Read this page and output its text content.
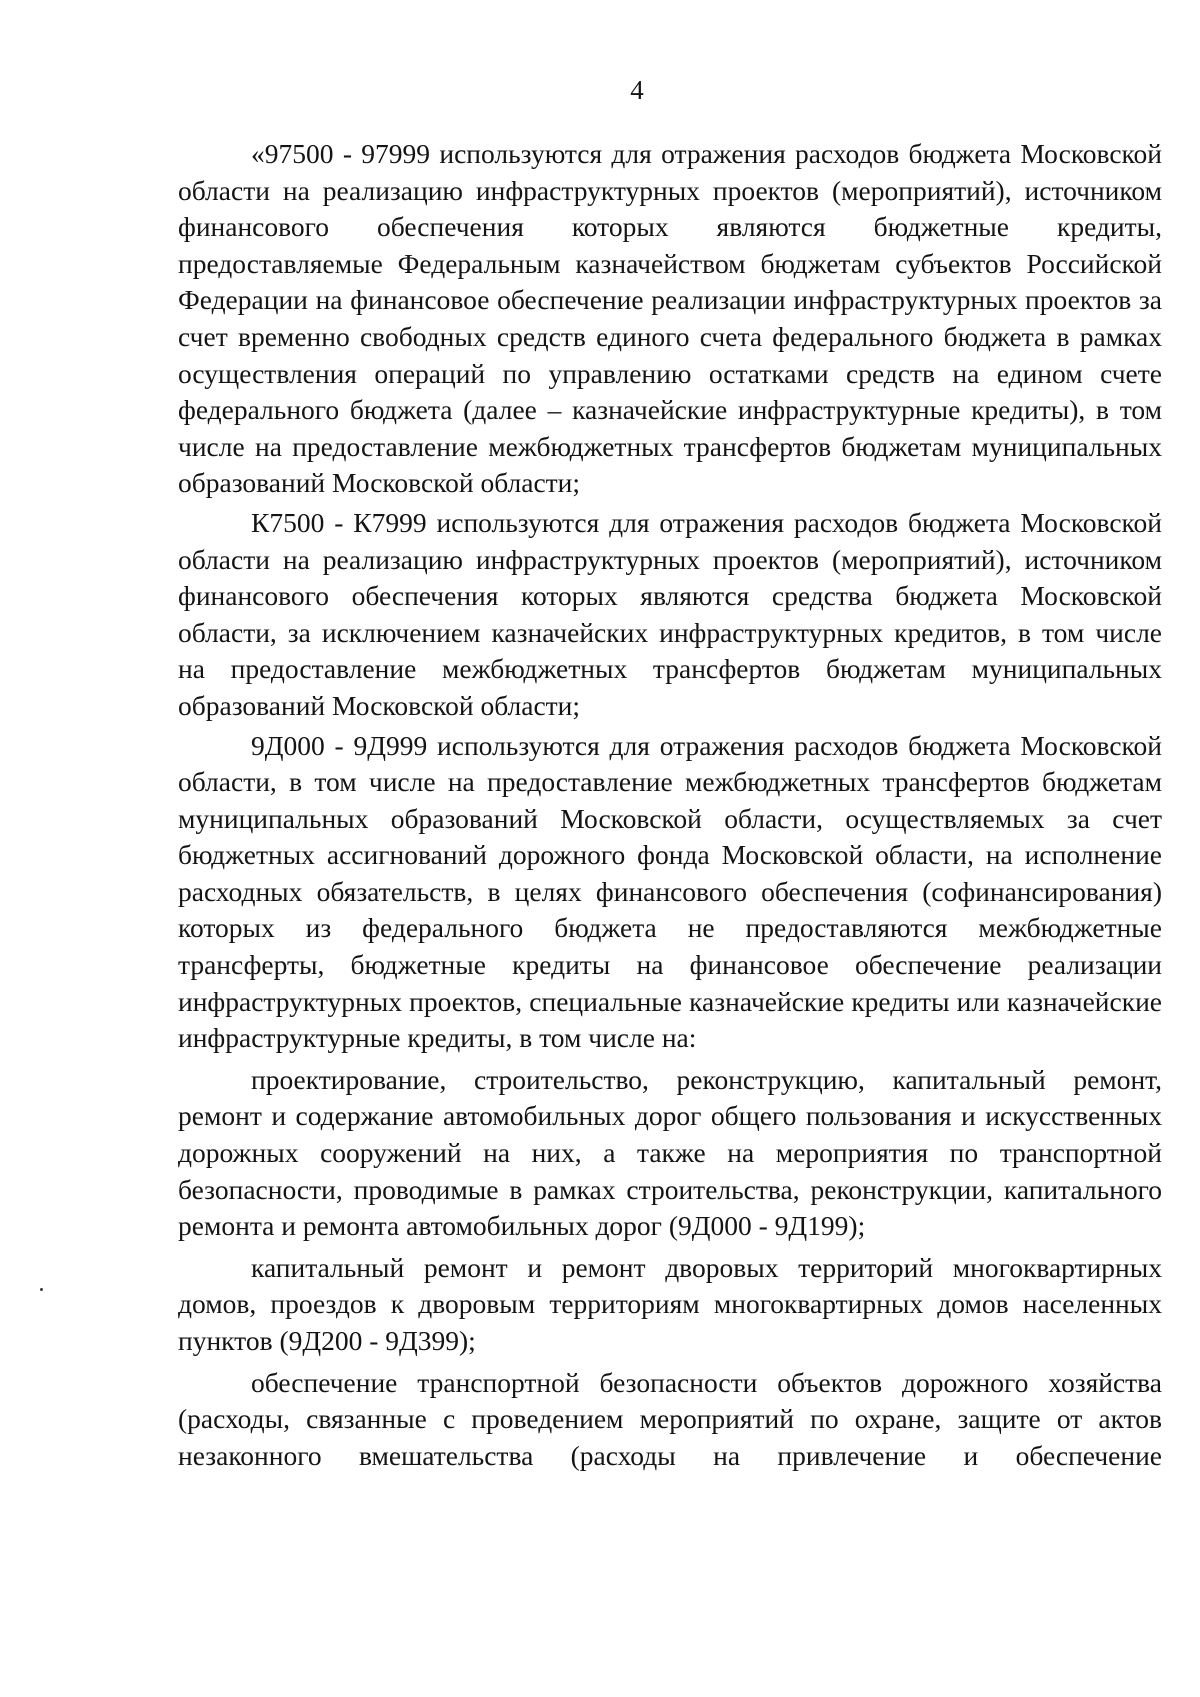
4

«97500 - 97999 используются для отражения расходов бюджета Московской области на реализацию инфраструктурных проектов (мероприятий), источником финансового обеспечения которых являются бюджетные кредиты, предоставляемые Федеральным казначейством бюджетам субъектов Российской Федерации на финансовое обеспечение реализации инфраструктурных проектов за счет временно свободных средств единого счета федерального бюджета в рамках осуществления операций по управлению остатками средств на едином счете федерального бюджета (далее – казначейские инфраструктурные кредиты), в том числе на предоставление межбюджетных трансфертов бюджетам муниципальных образований Московской области;

К7500 - К7999 используются для отражения расходов бюджета Московской области на реализацию инфраструктурных проектов (мероприятий), источником финансового обеспечения которых являются средства бюджета Московской области, за исключением казначейских инфраструктурных кредитов, в том числе на предоставление межбюджетных трансфертов бюджетам муниципальных образований Московской области;

9Д000 - 9Д999 используются для отражения расходов бюджета Московской области, в том числе на предоставление межбюджетных трансфертов бюджетам муниципальных образований Московской области, осуществляемых за счет бюджетных ассигнований дорожного фонда Московской области, на исполнение расходных обязательств, в целях финансового обеспечения (софинансирования) которых из федерального бюджета не предоставляются межбюджетные трансферты, бюджетные кредиты на финансовое обеспечение реализации инфраструктурных проектов, специальные казначейские кредиты или казначейские инфраструктурные кредиты, в том числе на:

проектирование, строительство, реконструкцию, капитальный ремонт, ремонт и содержание автомобильных дорог общего пользования и искусственных дорожных сооружений на них, а также на мероприятия по транспортной безопасности, проводимые в рамках строительства, реконструкции, капитального ремонта и ремонта автомобильных дорог (9Д000 - 9Д199);

капитальный ремонт и ремонт дворовых территорий многоквартирных домов, проездов к дворовым территориям многоквартирных домов населенных пунктов (9Д200 - 9Д399);

обеспечение транспортной безопасности объектов дорожного хозяйства (расходы, связанные с проведением мероприятий по охране, защите от актов незаконного вмешательства (расходы на привлечение и обеспечение
